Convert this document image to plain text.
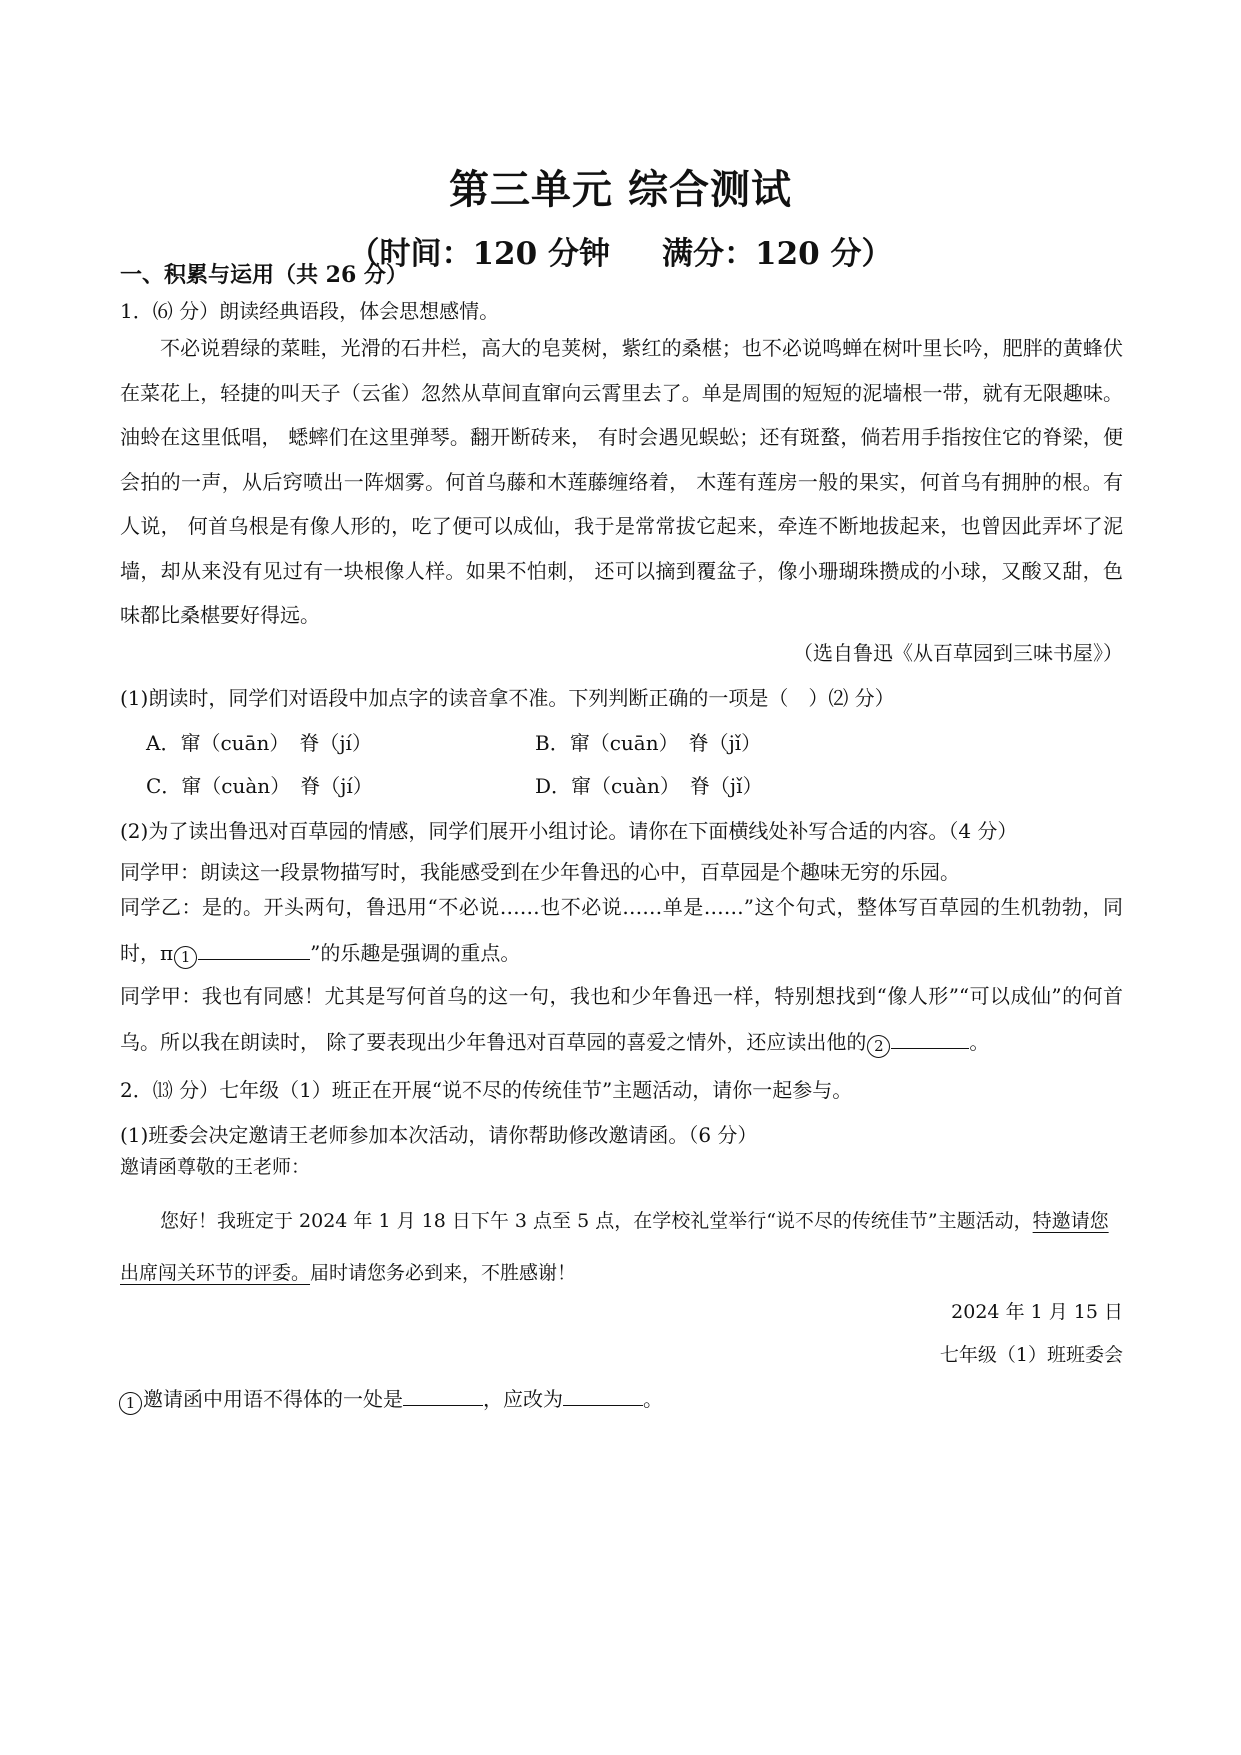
第三单元 综合测试
（时间：120 分钟 满分：120 分）
一、积累与运用（共 26 分）
1．⑹ 分）朗读经典语段，体会思想感情。

不必说碧绿的菜畦，光滑的石井栏，高大的皂荚树，紫红的桑椹；也不必说鸣蝉在树叶里长吟，肥胖的黄蜂伏在菜花上，轻捷的叫天子（云雀）忽然从草间直窜向云霄里去了。单是周围的短短的泥墙根一带，就有无限趣味。油蛉在这里低唱， 蟋蟀们在这里弹琴。翻开断砖来， 有时会遇见蜈蚣；还有斑蝥，倘若用手指按住它的脊梁，便会拍的一声，从后窍喷出一阵烟雾。何首乌藤和木莲藤缠络着， 木莲有莲房一般的果实，何首乌有拥肿的根。有人说， 何首乌根是有像人形的，吃了便可以成仙，我于是常常拔它起来，牵连不断地拔起来，也曾因此弄坏了泥墙，却从来没有见过有一块根像人样。如果不怕刺， 还可以摘到覆盆子，像小珊瑚珠攒成的小球，又酸又甜，色味都比桑椹要好得远。

（选自鲁迅《从百草园到三味书屋》）
(1)朗读时，同学们对语段中加点字的读音拿不准。下列判断正确的一项是（　）⑵ 分）
A．窜（cuān）　脊（jí）	B．窜（cuān）　脊（jǐ）
C．窜（cuàn）　脊（jí）	D．窜（cuàn）　脊（jǐ）
(2)为了读出鲁迅对百草园的情感，同学们展开小组讨论。请你在下面横线处补写合适的内容。（4 分）
同学甲：朗读这一段景物描写时，我能感受到在少年鲁迅的心中，百草园是个趣味无穷的乐园。

同学乙：是的。开头两句，鲁迅用“不必说……也不必说……单是……”这个句式，整体写百草园的生机勃勃，同时，π 1	”的乐趣是强调的重点。

同学甲：我也有同感！尤其是写何首乌的这一句，我也和少年鲁迅一样，特别想找到“像人形”“可以成仙”的何首乌。所以我在朗读时， 除了要表现出少年鲁迅对百草园的喜爱之情外，还应读出他的 2	。

2．⒀ 分）七年级（1）班正在开展“说不尽的传统佳节”主题活动，请你一起参与。
(1)班委会决定邀请王老师参加本次活动，请你帮助修改邀请函。（6 分）
邀请函尊敬的王老师：

您好！我班定于 2024 年 1 月 18 日下午 3 点至 5 点，在学校礼堂举行“说不尽的传统佳节”主题活动，特邀请您出席闯关环节的评委。届时请您务必到来，不胜感谢！

2024 年 1 月 15 日
七年级（1）班班委会
1 邀请函中用语不得体的一处是	，应改为	。
